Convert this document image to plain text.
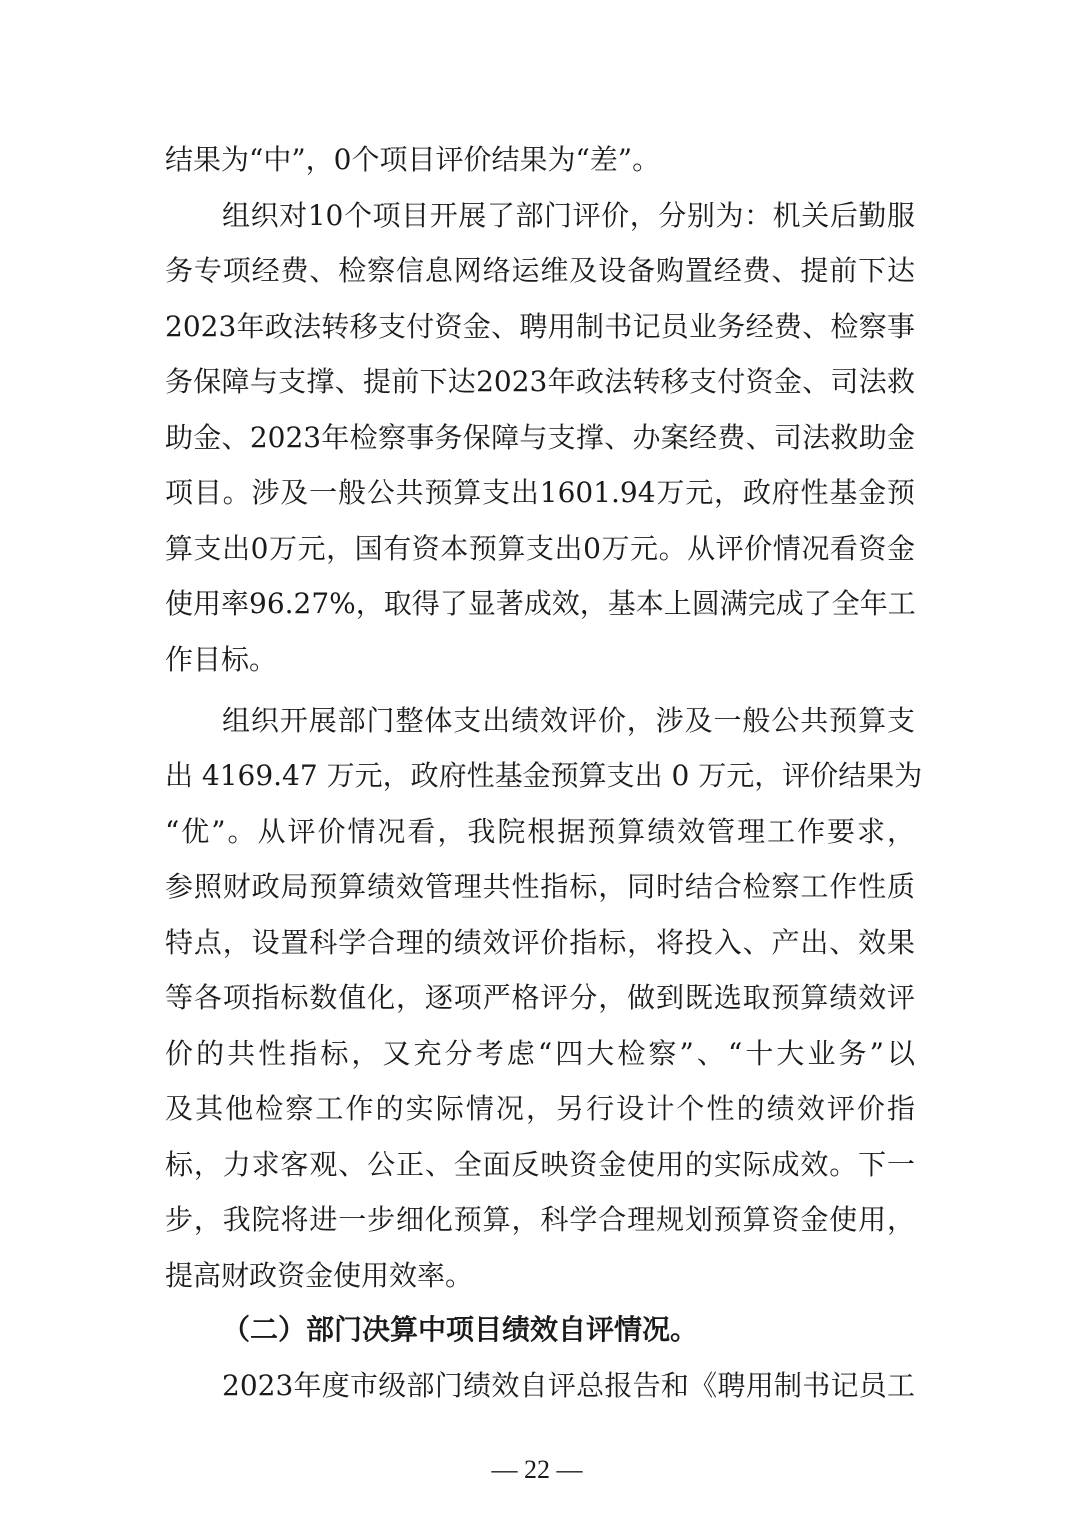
结果为“中”，0个项目评价结果为“差”。
组织对10个项目开展了部门评价，分别为：机关后勤服
务专项经费、检察信息网络运维及设备购置经费、提前下达
2023年政法转移支付资金、聘用制书记员业务经费、检察事
务保障与支撑、提前下达2023年政法转移支付资金、司法救
助金、2023年检察事务保障与支撑、办案经费、司法救助金
项目。涉及一般公共预算支出1601.94万元，政府性基金预
算支出0万元，国有资本预算支出0万元。从评价情况看资金
使用率96.27%，取得了显著成效，基本上圆满完成了全年工
作目标。
组织开展部门整体支出绩效评价，涉及一般公共预算支
出 4169.47 万元，政府性基金预算支出 0 万元，评价结果为
“优”。从评价情况看，我院根据预算绩效管理工作要求，
参照财政局预算绩效管理共性指标，同时结合检察工作性质
特点，设置科学合理的绩效评价指标，将投入、产出、效果
等各项指标数值化，逐项严格评分，做到既选取预算绩效评
价的共性指标，又充分考虑“四大检察”、“十大业务”以
及其他检察工作的实际情况，另行设计个性的绩效评价指
标，力求客观、公正、全面反映资金使用的实际成效。下一
步，我院将进一步细化预算，科学合理规划预算资金使用，
提高财政资金使用效率。
（二）部门决算中项目绩效自评情况。
2023年度市级部门绩效自评总报告和《聘用制书记员工
— 22 —
